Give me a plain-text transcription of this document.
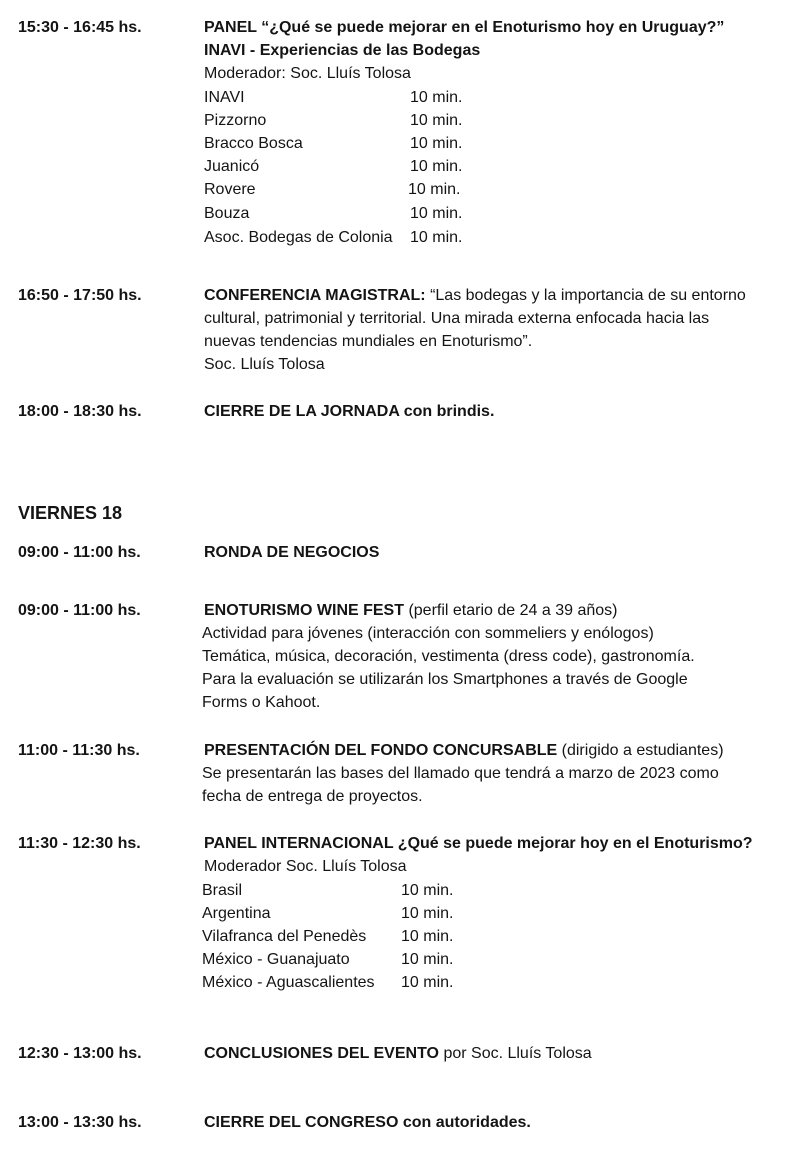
15:30 - 16:45 hs.	PANEL “¿Qué se puede mejorar en el Enoturismo hoy en Uruguay?”
INAVI - Experiencias de las Bodegas
Moderador: Soc. Lluís Tolosa
INAVI	10 min.
Pizzorno	10 min.
Bracco Bosca	10 min.
Juanicó	10 min.
Rovere	10 min.
Bouza	10 min.
Asoc. Bodegas de Colonia 10 min.
16:50 - 17:50 hs.	CONFERENCIA MAGISTRAL: “Las bodegas y la importancia de su entorno
cultural, patrimonial y territorial. Una mirada externa enfocada hacia las
nuevas tendencias mundiales en Enoturismo”.
Soc. Lluís Tolosa
18:00 - 18:30 hs.	CIERRE DE LA JORNADA con brindis.
VIERNES 18
09:00 - 11:00 hs.	RONDA DE NEGOCIOS
09:00 - 11:00 hs.	ENOTURISMO WINE FEST (perfil etario de 24 a 39 años)
Actividad para jóvenes (interacción con sommeliers y enólogos)
Temática, música, decoración, vestimenta (dress code), gastronomía.
Para la evaluación se utilizarán los Smartphones a través de Google
Forms o Kahoot.
11:00 - 11:30 hs.	PRESENTACIÓN DEL FONDO CONCURSABLE (dirigido a estudiantes)
Se presentarán las bases del llamado que tendrá a marzo de 2023 como
fecha de entrega de proyectos.
11:30 - 12:30 hs.	PANEL INTERNACIONAL ¿Qué se puede mejorar hoy en el Enoturismo?
Moderador Soc. Lluís Tolosa
Brasil	10 min.
Argentina	10 min.
Vilafranca del Penedès 10 min.
México - Guanajuato	10 min.
México - Aguascalientes 10 min.
12:30 - 13:00 hs.	CONCLUSIONES DEL EVENTO por Soc. Lluís Tolosa
13:00 - 13:30 hs.	CIERRE DEL CONGRESO con autoridades.
